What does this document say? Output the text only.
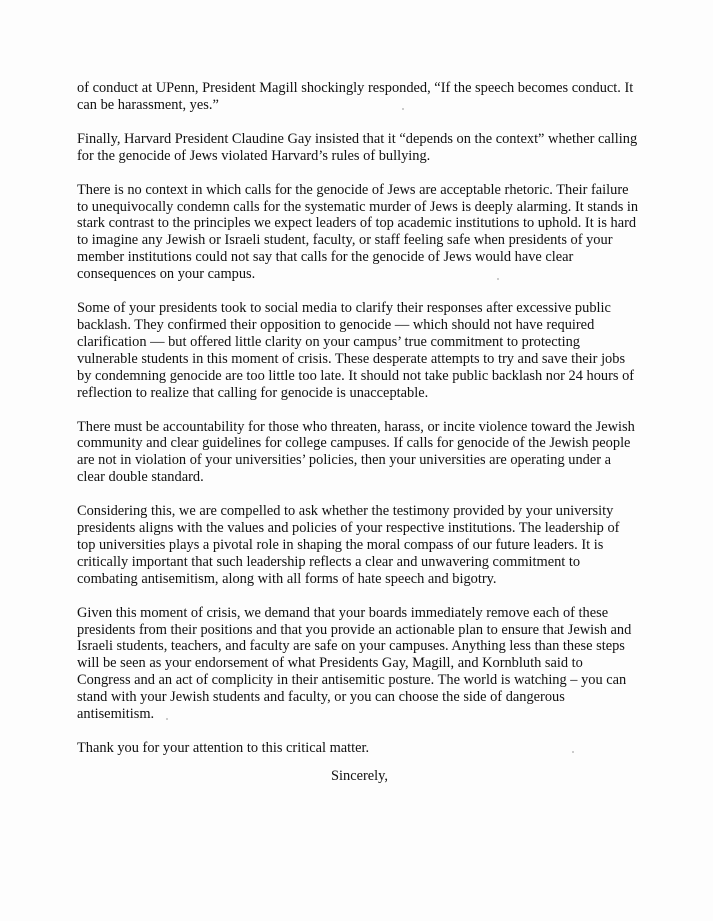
of conduct at UPenn, President Magill shockingly responded, “If the speech becomes conduct. It
can be harassment, yes.”

Finally, Harvard President Claudine Gay insisted that it “depends on the context” whether calling
for the genocide of Jews violated Harvard’s rules of bullying.

There is no context in which calls for the genocide of Jews are acceptable rhetoric. Their failure
to unequivocally condemn calls for the systematic murder of Jews is deeply alarming. It stands in
stark contrast to the principles we expect leaders of top academic institutions to uphold. It is hard
to imagine any Jewish or Israeli student, faculty, or staff feeling safe when presidents of your
member institutions could not say that calls for the genocide of Jews would have clear
consequences on your campus.

Some of your presidents took to social media to clarify their responses after excessive public
backlash. They confirmed their opposition to genocide — which should not have required
clarification — but offered little clarity on your campus’ true commitment to protecting
vulnerable students in this moment of crisis. These desperate attempts to try and save their jobs
by condemning genocide are too little too late. It should not take public backlash nor 24 hours of
reflection to realize that calling for genocide is unacceptable.

There must be accountability for those who threaten, harass, or incite violence toward the Jewish
community and clear guidelines for college campuses. If calls for genocide of the Jewish people
are not in violation of your universities’ policies, then your universities are operating under a
clear double standard.

Considering this, we are compelled to ask whether the testimony provided by your university
presidents aligns with the values and policies of your respective institutions. The leadership of
top universities plays a pivotal role in shaping the moral compass of our future leaders. It is
critically important that such leadership reflects a clear and unwavering commitment to
combating antisemitism, along with all forms of hate speech and bigotry.

Given this moment of crisis, we demand that your boards immediately remove each of these
presidents from their positions and that you provide an actionable plan to ensure that Jewish and
Israeli students, teachers, and faculty are safe on your campuses. Anything less than these steps
will be seen as your endorsement of what Presidents Gay, Magill, and Kornbluth said to
Congress and an act of complicity in their antisemitic posture. The world is watching – you can
stand with your Jewish students and faculty, or you can choose the side of dangerous
antisemitism.

Thank you for your attention to this critical matter.

Sincerely,
